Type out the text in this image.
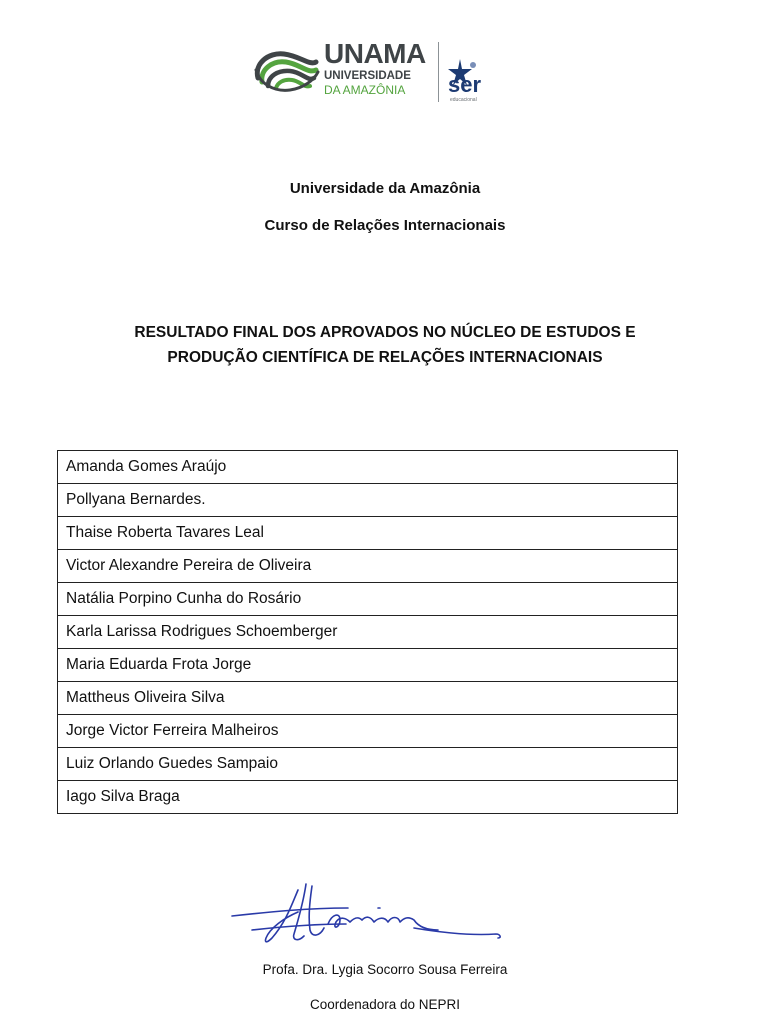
UNAMA
UNIVERSIDADE
DA AMAZÔNIA	ser
educacional
Universidade da Amazônia
Curso de Relações Internacionais
RESULTADO FINAL DOS APROVADOS NO NÚCLEO DE ESTUDOS E
PRODUÇÃO CIENTÍFICA DE RELAÇÕES INTERNACIONAIS
Amanda Gomes Araújo
Pollyana Bernardes.
Thaise Roberta Tavares Leal
Victor Alexandre Pereira de Oliveira
Natália Porpino Cunha do Rosário
Karla Larissa Rodrigues Schoemberger
Maria Eduarda Frota Jorge
Mattheus Oliveira Silva
Jorge Victor Ferreira Malheiros
Luiz Orlando Guedes Sampaio
Iago Silva Braga
Profa. Dra. Lygia Socorro Sousa Ferreira
Coordenadora do NEPRI
